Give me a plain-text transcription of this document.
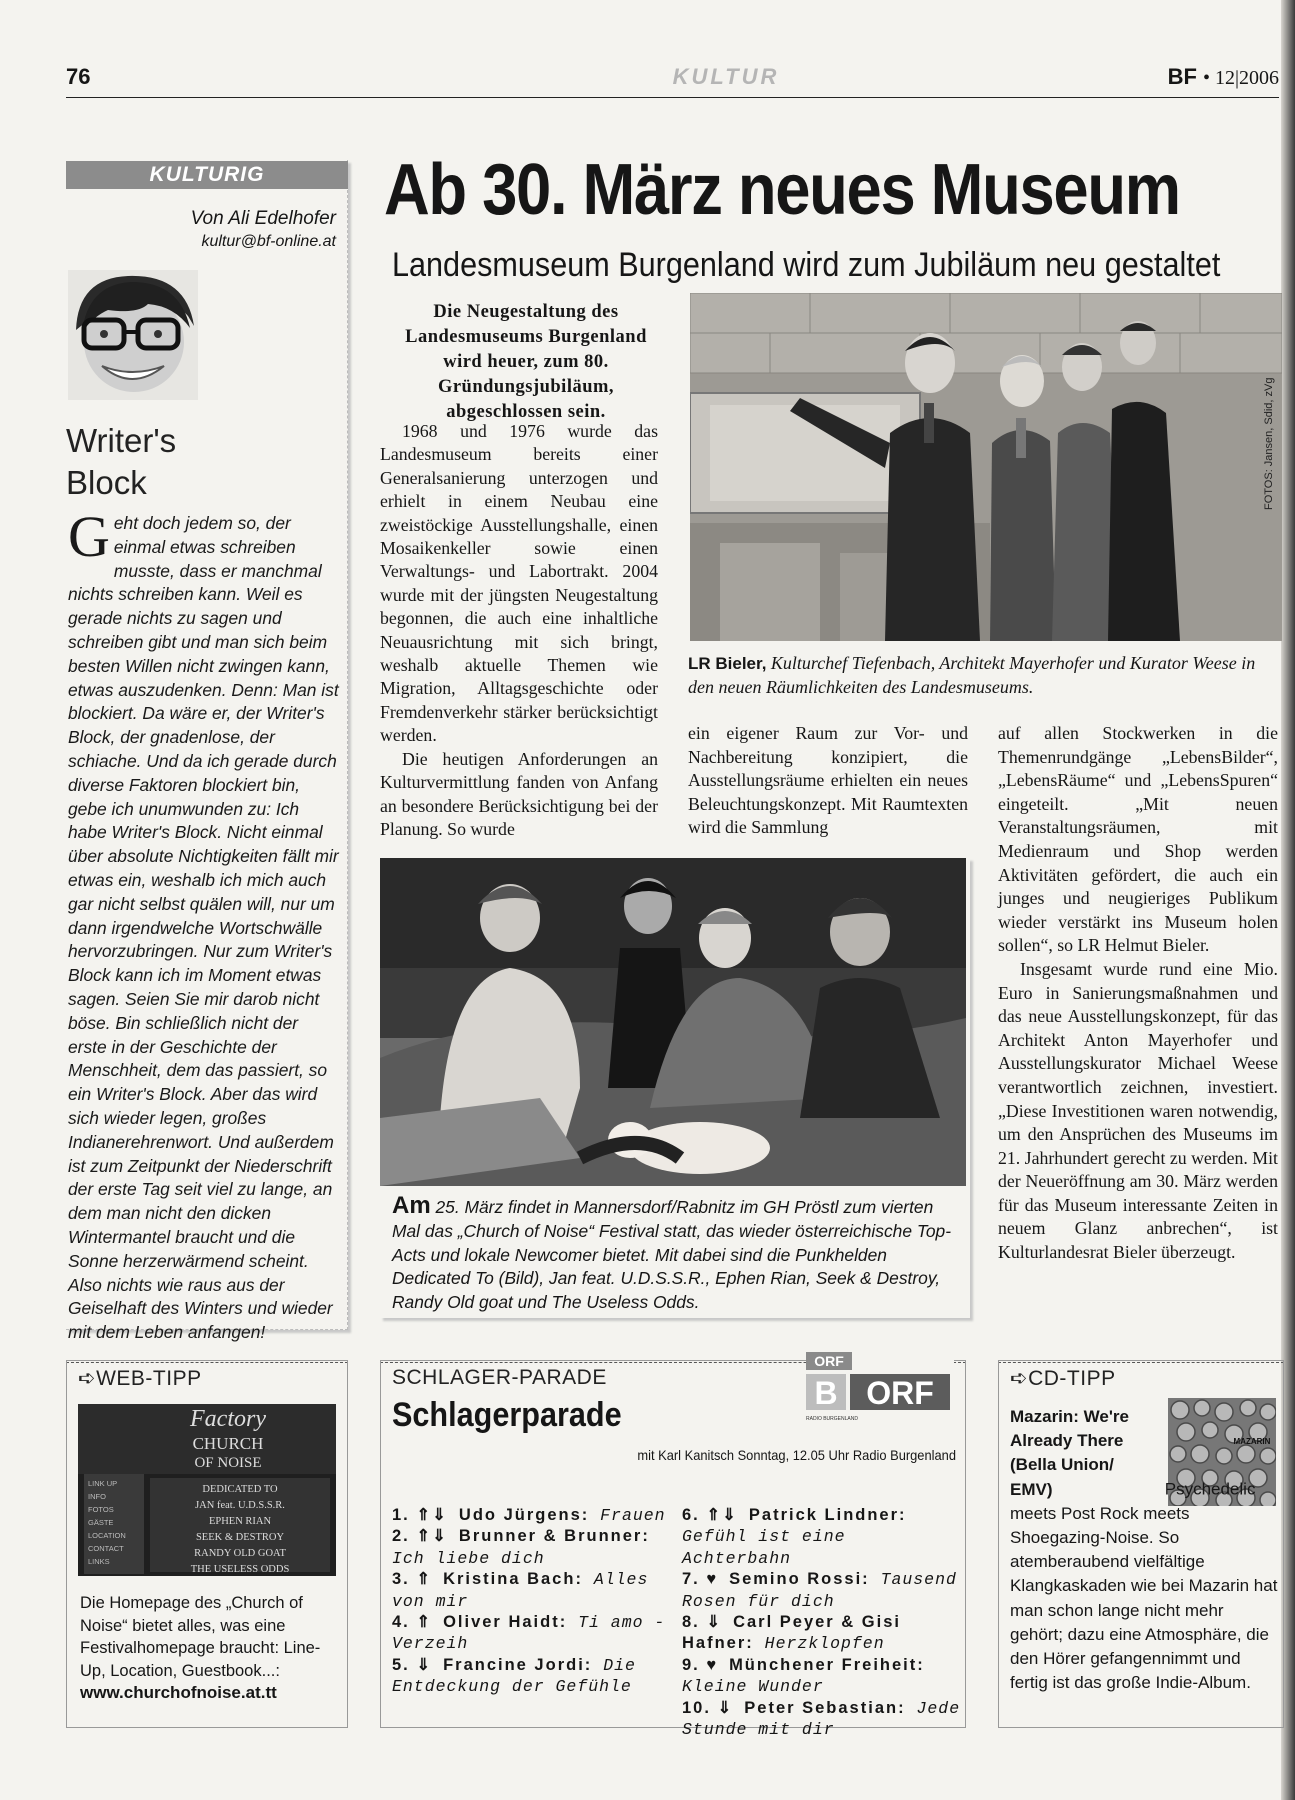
76	KULTUR	BF • 12|2006
KULTURIG
Von Ali Edelhofer
kultur@bf-online.at
Writer's
Block
Geht doch jedem so, der einmal etwas schreiben musste, dass er manchmal nichts schreiben kann. Weil es gerade nichts zu sagen und schreiben gibt und man sich beim besten Willen nicht zwingen kann, etwas auszudenken. Denn: Man ist blockiert. Da wäre er, der Writer's Block, der gnadenlose, der schiache. Und da ich gerade durch diverse Faktoren blockiert bin, gebe ich unumwunden zu: Ich habe Writer's Block. Nicht einmal über absolute Nichtigkeiten fällt mir etwas ein, weshalb ich mich auch gar nicht selbst quälen will, nur um dann irgendwelche Wortschwälle hervorzubringen. Nur zum Writer's Block kann ich im Moment etwas sagen. Seien Sie mir darob nicht böse. Bin schließlich nicht der erste in der Geschichte der Menschheit, dem das passiert, so ein Writer's Block. Aber das wird sich wieder legen, großes Indianerehrenwort. Und außerdem ist zum Zeitpunkt der Niederschrift der erste Tag seit viel zu lange, an dem man nicht den dicken Wintermantel braucht und die Sonne herzerwärmend scheint. Also nichts wie raus aus der Geiselhaft des Winters und wieder mit dem Leben anfangen!
Ab 30. März neues Museum
Landesmuseum Burgenland wird zum Jubiläum neu gestaltet
Die Neugestaltung des Landesmuseums Burgenland wird heuer, zum 80. Gründungsjubiläum, abgeschlossen sein.

1968 und 1976 wurde das Landesmuseum bereits einer Generalsanierung unterzogen und erhielt in einem Neubau eine zweistöckige Ausstellungshalle, einen Mosaikenkeller sowie einen Verwaltungs- und Labortrakt. 2004 wurde mit der jüngsten Neugestaltung begonnen, die auch eine inhaltliche Neuausrichtung mit sich bringt, weshalb aktuelle Themen wie Migration, Alltagsgeschichte oder Fremdenverkehr stärker berücksichtigt werden.

Die heutigen Anforderungen an Kulturvermittlung fanden von Anfang an besondere Berücksichtigung bei der Planung. So wurde

FOTOS: Jansen, Sdid, zVg
LR Bieler, Kulturchef Tiefenbach, Architekt Mayerhofer und Kurator Weese in den neuen Räumlichkeiten des Landesmuseums.

ein eigener Raum zur Vor- und Nachbereitung konzipiert, die Ausstellungsräume erhielten ein neues Beleuchtungskonzept. Mit Raumtexten wird die Sammlung

auf allen Stockwerken in die Themenrundgänge „LebensBilder“, „LebensRäume“ und „LebensSpuren“ eingeteilt. „Mit neuen Veranstaltungsräumen, mit Medienraum und Shop werden Aktivitäten gefördert, die auch ein junges und neugieriges Publikum wieder verstärkt ins Museum holen sollen“, so LR Helmut Bieler.

Insgesamt wurde rund eine Mio. Euro in Sanierungsmaßnahmen und das neue Ausstellungskonzept, für das Architekt Anton Mayerhofer und Ausstellungskurator Michael Weese verantwortlich zeichnen, investiert. „Diese Investitionen waren notwendig, um den Ansprüchen des Museums im 21. Jahrhundert gerecht zu werden. Mit der Neueröffnung am 30. März werden für das Museum interessante Zeiten in neuem Glanz anbrechen“, ist Kulturlandesrat Bieler überzeugt.

Am 25. März findet in Mannersdorf/Rabnitz im GH Pröstl zum vierten Mal das „Church of Noise“ Festival statt, das wieder österreichische Top-Acts und lokale Newcomer bietet. Mit dabei sind die Punkhelden Dedicated To (Bild), Jan feat. U.D.S.S.R., Ephen Rian, Seek & Destroy, Randy Old goat und The Useless Odds.
➪WEB-TIPP
Factory
CHURCH
OF NOISE
LINK UP
INFO
FOTOS
GÄSTE
LOCATION
CONTACT
LINKS
DEDICATED TO
JAN feat. U.D.S.S.R.
EPHEN RIAN
SEEK & DESTROY
RANDY OLD GOAT
THE USELESS ODDS
Die Homepage des „Church of Noise“ bietet alles, was eine Festivalhomepage braucht: Line-Up, Location, Guestbook...:
www.churchofnoise.at.tt
SCHLAGER-PARADE
Schlagerparade
ORF
B ORF
RADIO BURGENLAND
mit Karl Kanitsch Sonntag, 12.05 Uhr Radio Burgenland
1. ⇑⇓ Udo Jürgens: Frauen
2. ⇑⇓ Brunner & Brunner: Ich liebe dich
3. ⇑ Kristina Bach: Alles von mir
4. ⇑ Oliver Haidt: Ti amo - Verzeih
5. ⇓ Francine Jordi: Die Entdeckung der Gefühle
6. ⇑⇓ Patrick Lindner: Gefühl ist eine Achterbahn
7. ♥ Semino Rossi: Tausend Rosen für dich
8. ⇓ Carl Peyer & Gisi Hafner: Herzklopfen
9. ♥ Münchener Freiheit: Kleine Wunder
10. ⇓ Peter Sebastian: Jede Stunde mit dir
➪CD-TIPP
MAZARIN
Mazarin: We're Already There (Bella Union/ EMV)	Psychedelic meets Post Rock meets Shoegazing-Noise. So atemberaubend vielfältige Klangkaskaden wie bei Mazarin hat man schon lange nicht mehr gehört; dazu eine Atmosphäre, die den Hörer gefangennimmt und fertig ist das große Indie-Album.
